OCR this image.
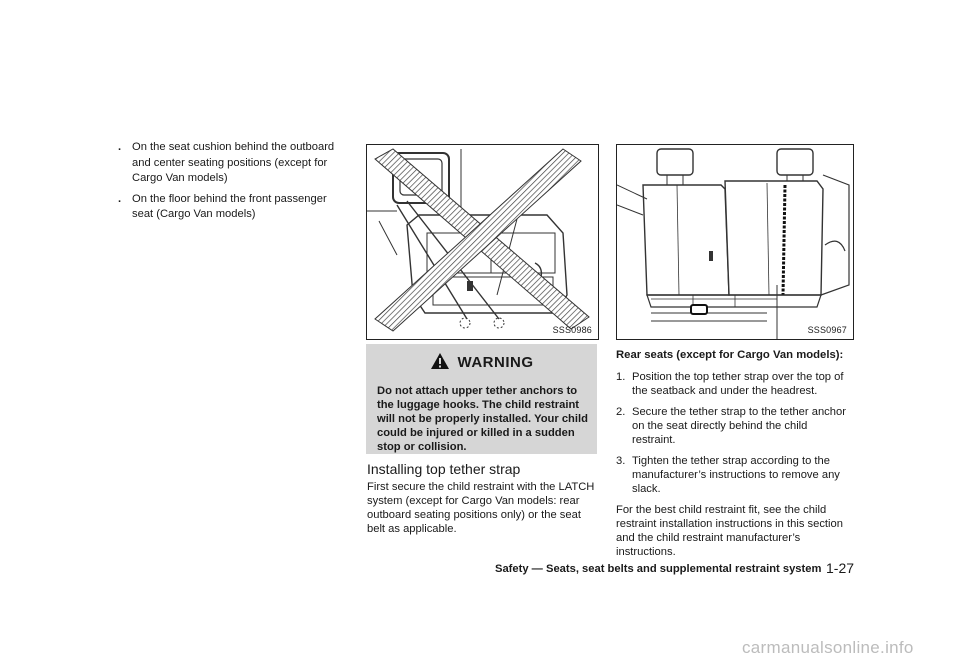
. On the seat cushion behind the outboard and center seating positions (except for Cargo Van models)
. On the floor behind the front passenger seat (Cargo Van models)
SSS0986
WARNING
Do not attach upper tether anchors to the luggage hooks. The child restraint will not be properly installed. Your child could be injured or killed in a sudden stop or collision.
Installing top tether strap
First secure the child restraint with the LATCH system (except for Cargo Van models: rear outboard seating positions only) or the seat belt as applicable.
SSS0967
Rear seats (except for Cargo Van models):
1. Position the top tether strap over the top of the seatback and under the headrest.
2. Secure the tether strap to the tether anchor on the seat directly behind the child restraint.
3. Tighten the tether strap according to the manufacturer’s instructions to remove any slack.
For the best child restraint fit, see the child restraint installation instructions in this section and the child restraint manufacturer’s instructions.
Safety — Seats, seat belts and supplemental restraint system 1-27
carmanualsonline.info
